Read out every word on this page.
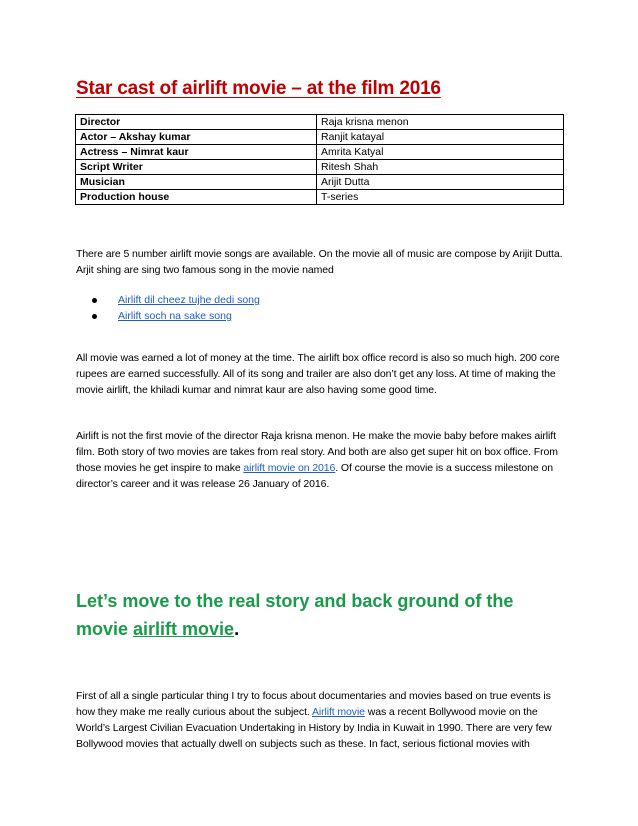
Star cast of airlift movie – at the film 2016
Director	Raja krisna menon
Actor – Akshay kumar	Ranjit katayal
Actress – Nimrat kaur	Amrita Katyal
Script Writer	Ritesh Shah
Musician	Arijit Dutta
Production house	T-series

There are 5 number airlift movie songs are available. On the movie all of music are compose by Arijit Dutta. Arjit shing are sing two famous song in the movie named

Airlift dil cheez tujhe dedi song
Airlift soch na sake song

All movie was earned a lot of money at the time. The airlift box office record is also so much high. 200 core rupees are earned successfully. All of its song and trailer are also don’t get any loss. At time of making the movie airlift, the khiladi kumar and nimrat kaur are also having some good time.

Airlift is not the first movie of the director Raja krisna menon. He make the movie baby before makes airlift film. Both story of two movies are takes from real story. And both are also get super hit on box office. From those movies he get inspire to make airlift movie on 2016. Of course the movie is a success milestone on director’s career and it was release 26 January of 2016.

Let’s move to the real story and back ground of the movie airlift movie.

First of all a single particular thing I try to focus about documentaries and movies based on true events is how they make me really curious about the subject. Airlift movie was a recent Bollywood movie on the World’s Largest Civilian Evacuation Undertaking in History by India in Kuwait in 1990. There are very few Bollywood movies that actually dwell on subjects such as these. In fact, serious fictional movies with
